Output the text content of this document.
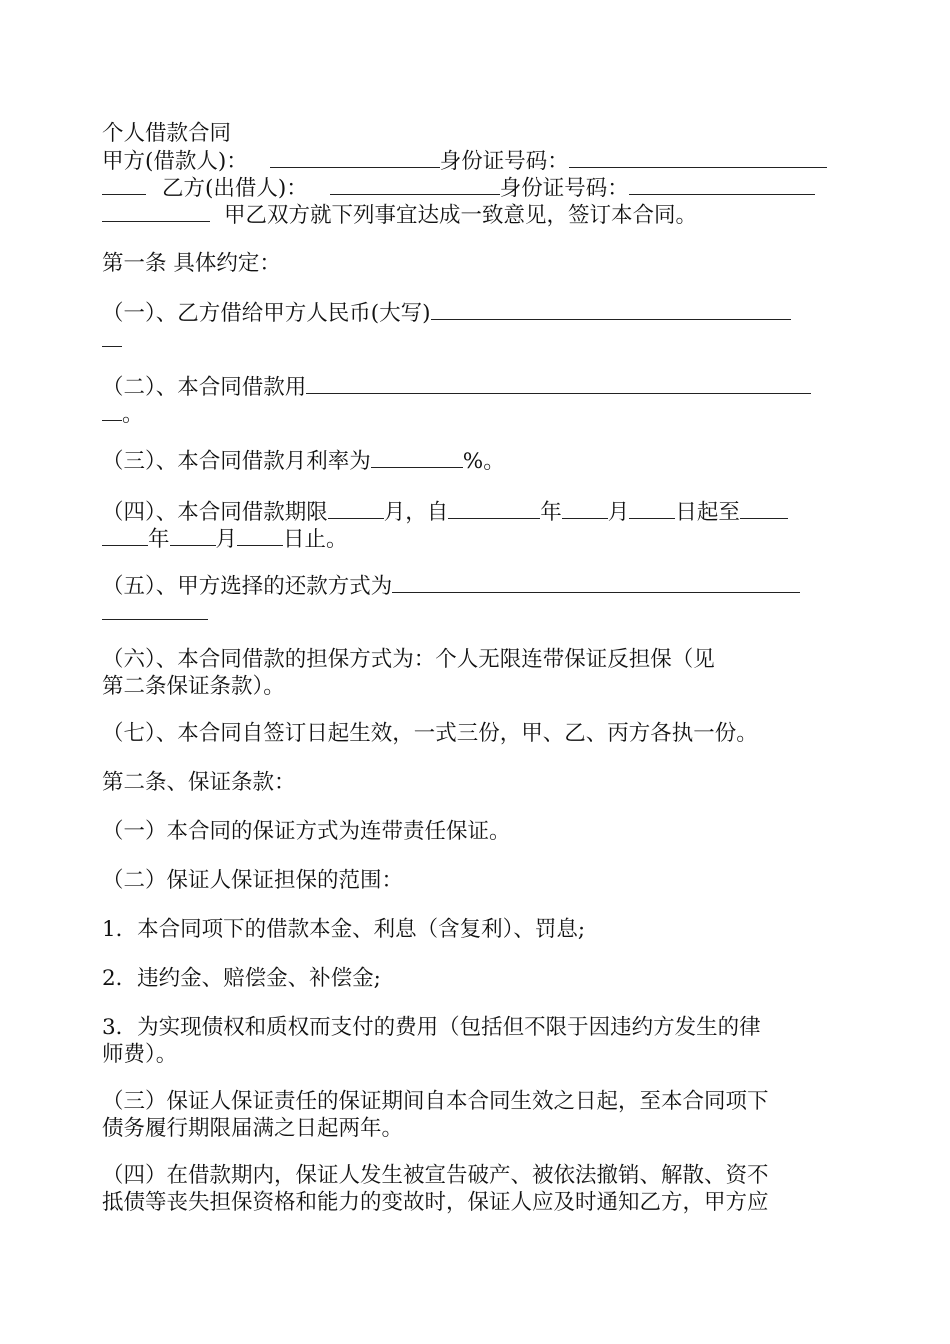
个人借款合同
甲方(借款人)：	身份证号码：
乙方(出借人)：	身份证号码：
甲乙双方就下列事宜达成一致意见，签订本合同。
第一条 具体约定：
（一）、乙方借给甲方人民币(大写)
（二）、本合同借款用
。
（三）、本合同借款月利率为	%。
（四）、本合同借款期限	月，自	年 月 日起至
年 月 日止。
（五）、甲方选择的还款方式为
（六）、本合同借款的担保方式为：个人无限连带保证反担保（见
第二条保证条款）。
（七）、本合同自签订日起生效，一式三份，甲、乙、丙方各执一份。
第二条、保证条款：
（一）本合同的保证方式为连带责任保证。
（二）保证人保证担保的范围：
1．本合同项下的借款本金、利息（含复利）、罚息;
2．违约金、赔偿金、补偿金;
3．为实现债权和质权而支付的费用（包括但不限于因违约方发生的律
师费）。
（三）保证人保证责任的保证期间自本合同生效之日起，至本合同项下
债务履行期限届满之日起两年。
（四）在借款期内，保证人发生被宣告破产、被依法撤销、解散、资不
抵债等丧失担保资格和能力的变故时，保证人应及时通知乙方，甲方应
